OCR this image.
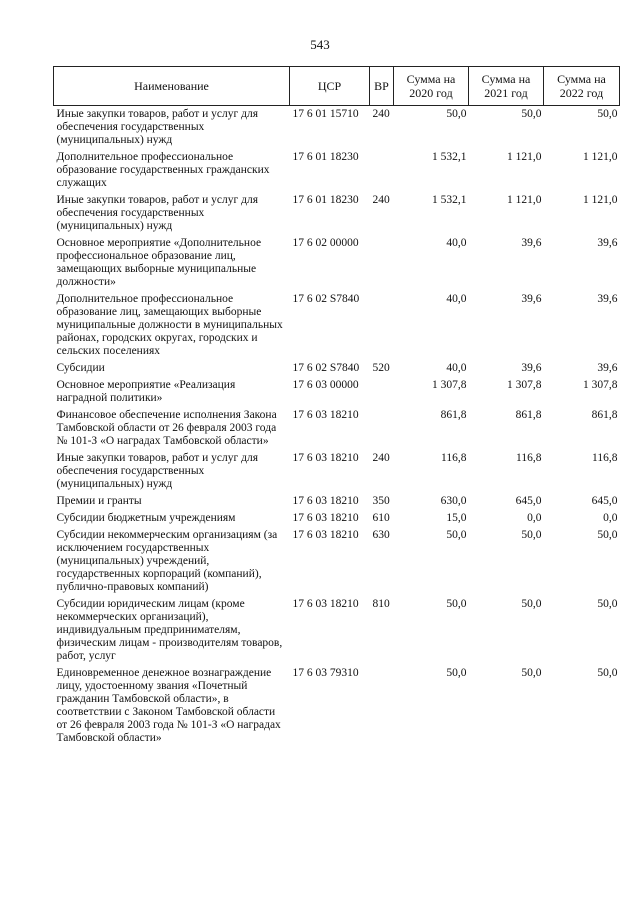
543
Наименование	ЦСР	ВР	Сумма на 2020 год	Сумма на 2021 год	Сумма на 2022 год
Иные закупки товаров, работ и услуг для обеспечения государственных (муниципальных) нужд	17 6 01 15710	240	50,0	50,0	50,0
Дополнительное профессиональное образование государственных гражданских служащих	17 6 01 18230		1 532,1	1 121,0	1 121,0
Иные закупки товаров, работ и услуг для обеспечения государственных (муниципальных) нужд	17 6 01 18230	240	1 532,1	1 121,0	1 121,0
Основное мероприятие «Дополнительное профессиональное образование лиц, замещающих выборные муниципальные должности»	17 6 02 00000		40,0	39,6	39,6
Дополнительное профессиональное образование лиц, замещающих выборные муниципальные должности в муниципальных районах, городских округах, городских и сельских поселениях	17 6 02 S7840		40,0	39,6	39,6
Субсидии	17 6 02 S7840	520	40,0	39,6	39,6
Основное мероприятие «Реализация наградной политики»	17 6 03 00000		1 307,8	1 307,8	1 307,8
Финансовое обеспечение исполнения Закона Тамбовской области от 26 февраля 2003 года № 101-З «О наградах Тамбовской области»	17 6 03 18210		861,8	861,8	861,8
Иные закупки товаров, работ и услуг для обеспечения государственных (муниципальных) нужд	17 6 03 18210	240	116,8	116,8	116,8
Премии и гранты	17 6 03 18210	350	630,0	645,0	645,0
Субсидии бюджетным учреждениям	17 6 03 18210	610	15,0	0,0	0,0
Субсидии некоммерческим организациям (за исключением государственных (муниципальных) учреждений, государственных корпораций (компаний), публично-правовых компаний)	17 6 03 18210	630	50,0	50,0	50,0
Субсидии юридическим лицам (кроме некоммерческих организаций), индивидуальным предпринимателям, физическим лицам - производителям товаров, работ, услуг	17 6 03 18210	810	50,0	50,0	50,0
Единовременное денежное вознаграждение лицу, удостоенному звания «Почетный гражданин Тамбовской области», в соответствии с Законом Тамбовской области от 26 февраля 2003 года № 101-З «О наградах Тамбовской области»	17 6 03 79310		50,0	50,0	50,0
